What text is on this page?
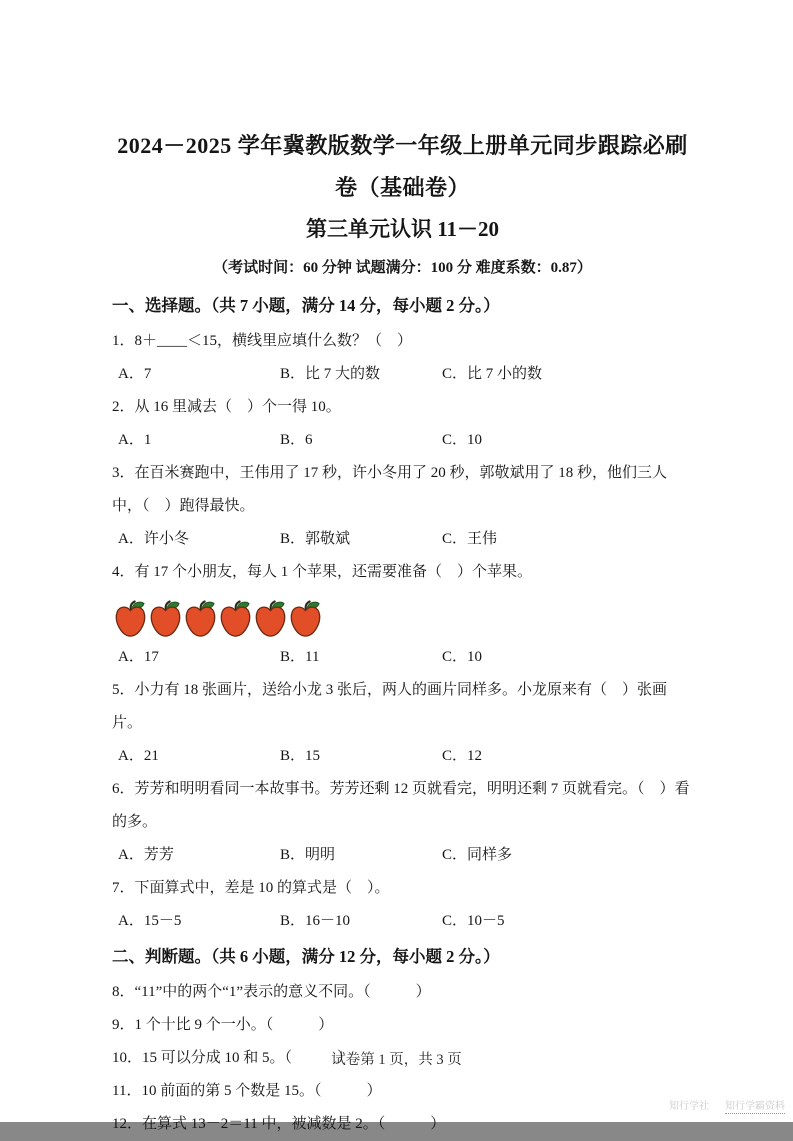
2024－2025 学年冀教版数学一年级上册单元同步跟踪必刷
卷（基础卷）
第三单元认识 11－20
（考试时间：60 分钟 试题满分：100 分 难度系数：0.87）
一、选择题。（共 7 小题，满分 14 分，每小题 2 分。）
1．8＋____＜15，横线里应填什么数？（　）
A．7	B．比 7 大的数	C．比 7 小的数
2．从 16 里减去（　）个一得 10。
A．1	B．6	C．10
3．在百米赛跑中，王伟用了 17 秒，许小冬用了 20 秒，郭敬斌用了 18 秒，他们三人中，（　）跑得最快。
A．许小冬	B．郭敬斌	C．王伟
4．有 17 个小朋友，每人 1 个苹果，还需要准备（　）个苹果。
A．17	B．11	C．10
5．小力有 18 张画片，送给小龙 3 张后，两人的画片同样多。小龙原来有（　）张画片。
A．21	B．15	C．12
6．芳芳和明明看同一本故事书。芳芳还剩 12 页就看完，明明还剩 7 页就看完。（　）看的多。
A．芳芳	B．明明	C．同样多
7．下面算式中，差是 10 的算式是（　）。
A．15－5	B．16－10	C．10－5
二、判断题。（共 6 小题，满分 12 分，每小题 2 分。）
8．“11”中的两个“1”表示的意义不同。（　　　）
9．1 个十比 9 个一小。（　　　）
10．15 可以分成 10 和 5。（　　　）
11．10 前面的第 5 个数是 15。（　　　）
12．在算式 13－2＝11 中，被减数是 2。（　　　）
试卷第 1 页，共 3 页
知行学社 知行学霸资料
